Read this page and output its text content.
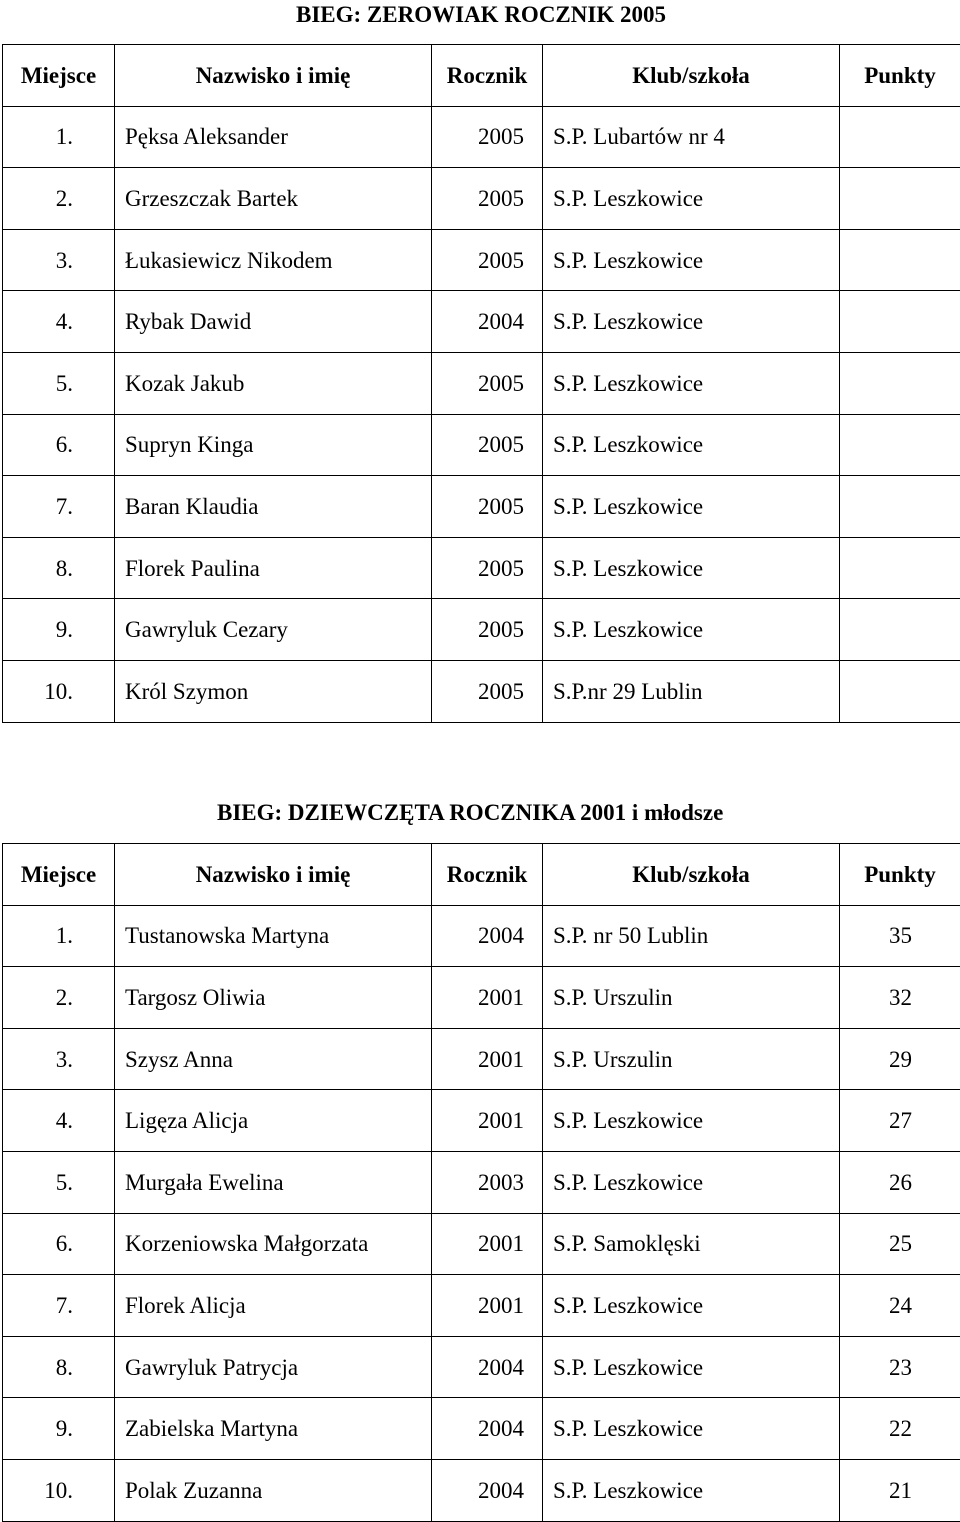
BIEG: ZEROWIAK ROCZNIK 2005
Miejsce	Nazwisko i imię	Rocznik	Klub/szkoła	Punkty
1.	Pęksa Aleksander	2005	S.P. Lubartów nr 4	
2.	Grzeszczak Bartek	2005	S.P. Leszkowice	
3.	Łukasiewicz Nikodem	2005	S.P. Leszkowice	
4.	Rybak Dawid	2004	S.P. Leszkowice	
5.	Kozak Jakub	2005	S.P. Leszkowice	
6.	Supryn Kinga	2005	S.P. Leszkowice	
7.	Baran Klaudia	2005	S.P. Leszkowice	
8.	Florek Paulina	2005	S.P. Leszkowice	
9.	Gawryluk Cezary	2005	S.P. Leszkowice	
10.	Król Szymon	2005	S.P.nr 29 Lublin	
BIEG: DZIEWCZĘTA ROCZNIKA 2001 i młodsze
Miejsce	Nazwisko i imię	Rocznik	Klub/szkoła	Punkty
1.	Tustanowska Martyna	2004	S.P. nr 50 Lublin	35
2.	Targosz Oliwia	2001	S.P. Urszulin	32
3.	Szysz Anna	2001	S.P. Urszulin	29
4.	Ligęza Alicja	2001	S.P. Leszkowice	27
5.	Murgała Ewelina	2003	S.P. Leszkowice	26
6.	Korzeniowska Małgorzata	2001	S.P. Samoklęski	25
7.	Florek Alicja	2001	S.P. Leszkowice	24
8.	Gawryluk Patrycja	2004	S.P. Leszkowice	23
9.	Zabielska Martyna	2004	S.P. Leszkowice	22
10.	Polak Zuzanna	2004	S.P. Leszkowice	21
